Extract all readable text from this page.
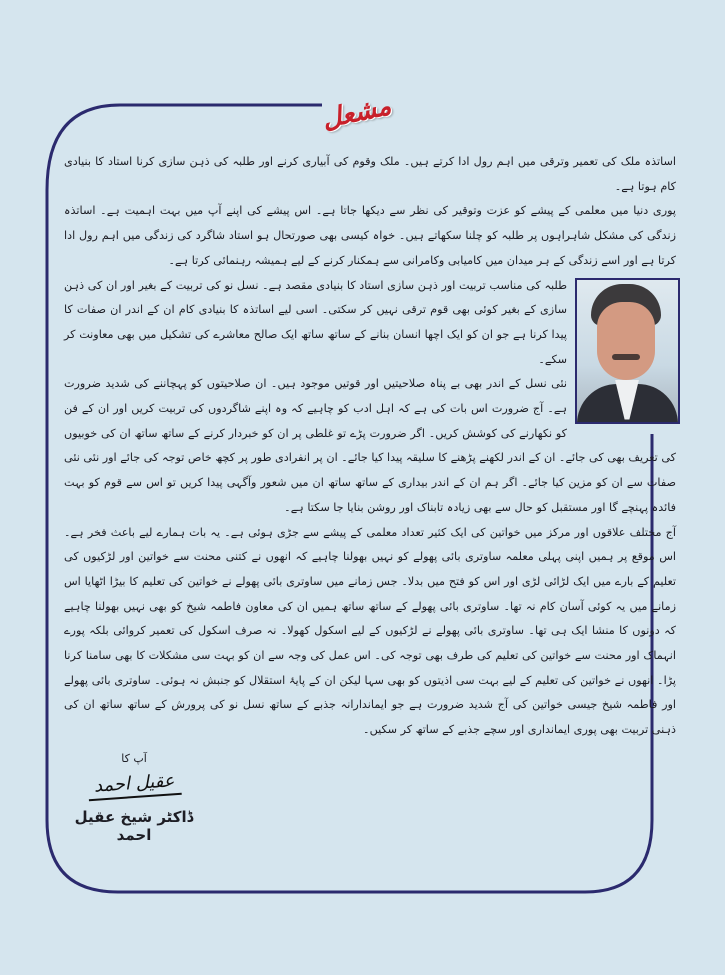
مشعل

اساتذہ ملک کی تعمیر وترقی میں اہم رول ادا کرتے ہیں۔ ملک وقوم کی آبیاری کرنے اور طلبہ کی ذہن سازی کرنا استاد کا بنیادی کام ہوتا ہے۔

پوری دنیا میں معلمی کے پیشے کو عزت وتوقیر کی نظر سے دیکھا جاتا ہے۔ اس پیشے کی اپنے آپ میں بہت اہمیت ہے۔ اساتذہ زندگی کی مشکل شاہراہوں پر طلبہ کو چلنا سکھاتے ہیں۔ خواہ کیسی بھی صورتحال ہو استاد شاگرد کی زندگی میں اہم رول ادا کرتا ہے اور اسے زندگی کے ہر میدان میں کامیابی وکامرانی سے ہمکنار کرنے کے لیے ہمیشہ رہنمائی کرتا ہے۔

طلبہ کی مناسب تربیت اور ذہن سازی استاد کا بنیادی مقصد ہے۔ نسل نو کی تربیت کے بغیر اور ان کی ذہن سازی کے بغیر کوئی بھی قوم ترقی نہیں کر سکتی۔ اسی لیے اساتذہ کا بنیادی کام ان کے اندر ان صفات کا پیدا کرنا ہے جو ان کو ایک اچھا انسان بنانے کے ساتھ ساتھ ایک صالح معاشرے کی تشکیل میں بھی معاونت کر سکے۔

نئی نسل کے اندر بھی بے پناہ صلاحیتیں اور قوتیں موجود ہیں۔ ان صلاحیتوں کو پہچاننے کی شدید ضرورت ہے۔ آج ضرورت اس بات کی ہے کہ اہل ادب کو چاہیے کہ وہ اپنے شاگردوں کی تربیت کریں اور ان کے فن کو نکھارنے کی کوشش کریں۔ اگر ضرورت پڑے تو غلطی پر ان کو خبردار کرنے کے ساتھ ساتھ ان کی خوبیوں کی تعریف بھی کی جائے۔ ان کے اندر لکھنے پڑھنے کا سلیقہ پیدا کیا جائے۔ ان پر انفرادی طور پر کچھ خاص توجہ کی جائے اور نئی نئی صفات سے ان کو مزین کیا جائے۔ اگر ہم ان کے اندر بیداری کے ساتھ ساتھ ان میں شعور وآگہی پیدا کریں تو اس سے قوم کو بہت فائدہ پہنچے گا اور مستقبل کو حال سے بھی زیادہ تابناک اور روشن بنایا جا سکتا ہے۔

آج مختلف علاقوں اور مرکز میں خواتین کی ایک کثیر تعداد معلمی کے پیشے سے جڑی ہوئی ہے۔ یہ بات ہمارے لیے باعث فخر ہے۔ اس موقع پر ہمیں اپنی پہلی معلمہ ساوتری بائی پھولے کو نہیں بھولنا چاہیے کہ انھوں نے کتنی محنت سے خواتین اور لڑکیوں کی تعلیم کے بارے میں ایک لڑائی لڑی اور اس کو فتح میں بدلا۔ جس زمانے میں ساوتری بائی پھولے نے خواتین کی تعلیم کا بیڑا اٹھایا اس زمانے میں یہ کوئی آسان کام نہ تھا۔ ساوتری بائی پھولے کے ساتھ ساتھ ہمیں ان کی معاون فاطمہ شیخ کو بھی نہیں بھولنا چاہیے کہ دونوں کا منشا ایک ہی تھا۔ ساوتری بائی پھولے نے لڑکیوں کے لیے اسکول کھولا۔ نہ صرف اسکول کی تعمیر کروائی بلکہ پورے انہماک اور محنت سے خواتین کی تعلیم کی طرف بھی توجہ کی۔ اس عمل کی وجہ سے ان کو بہت سی مشکلات کا بھی سامنا کرنا پڑا۔ انھوں نے خواتین کی تعلیم کے لیے بہت سی اذیتوں کو بھی سہا لیکن ان کے پایۂ استقلال کو جنبش نہ ہوئی۔ ساوتری بائی پھولے اور فاطمہ شیخ جیسی خواتین کی آج شدید ضرورت ہے جو ایماندارانہ جذبے کے ساتھ نسل نو کی پرورش کے ساتھ ساتھ ان کی ذہنی تربیت بھی پوری ایمانداری اور سچے جذبے کے ساتھ کر سکیں۔

آپ کا
عقیل احمد
ڈاکٹر شیخ عقیل احمد
